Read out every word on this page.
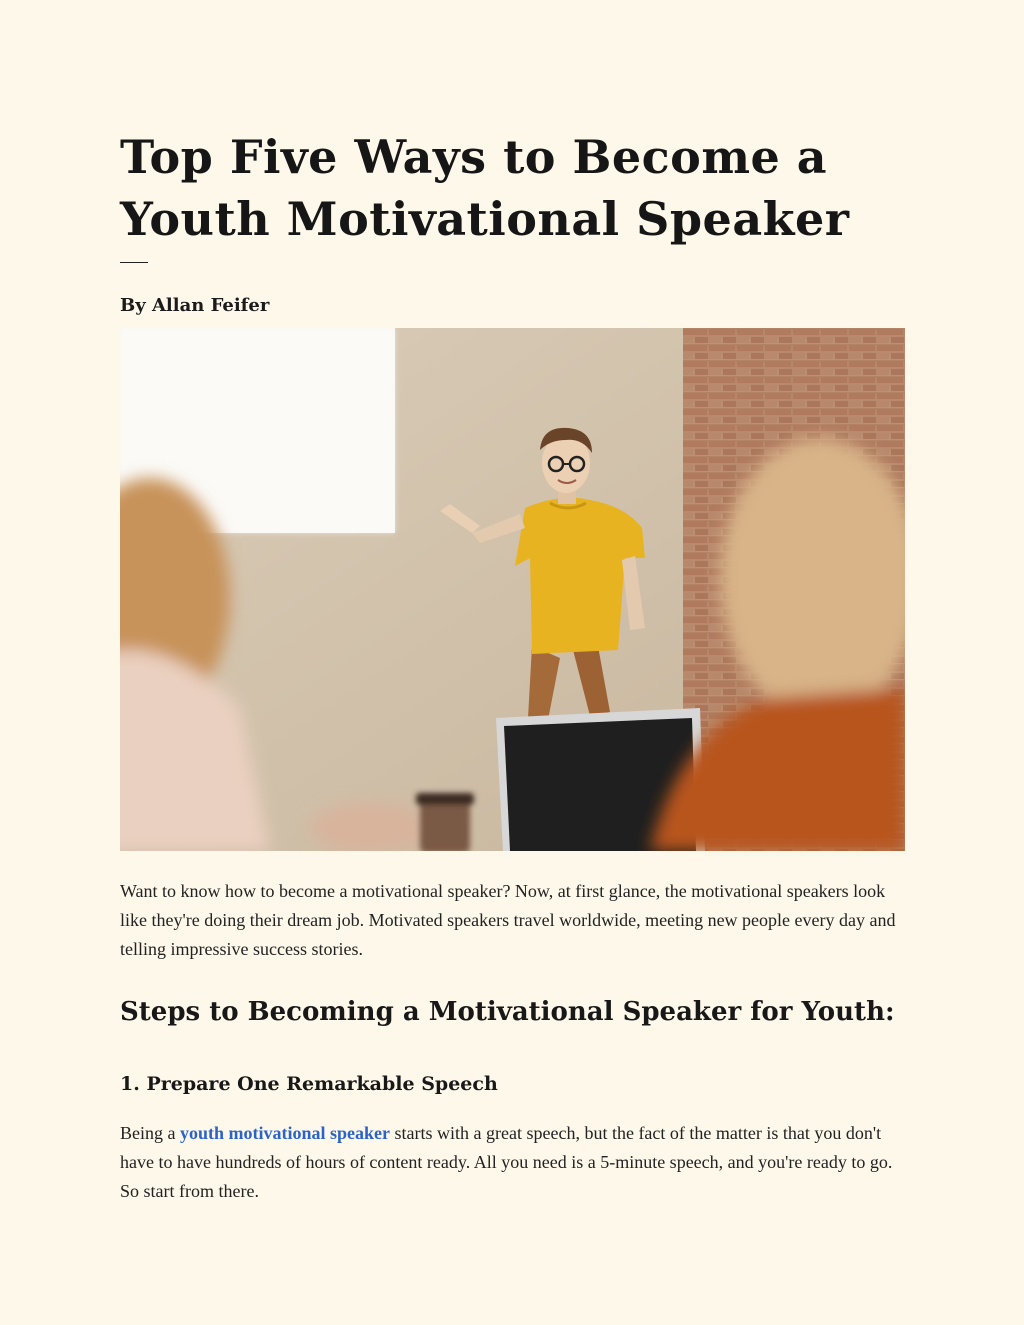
Top Five Ways to Become a Youth Motivational Speaker
By Allan Feifer

Want to know how to become a motivational speaker? Now, at first glance, the motivational speakers look like they're doing their dream job. Motivated speakers travel worldwide, meeting new people every day and telling impressive success stories.

Steps to Becoming a Motivational Speaker for Youth:
1. Prepare One Remarkable Speech

Being a youth motivational speaker starts with a great speech, but the fact of the matter is that you don't have to have hundreds of hours of content ready. All you need is a 5-minute speech, and you're ready to go. So start from there.
